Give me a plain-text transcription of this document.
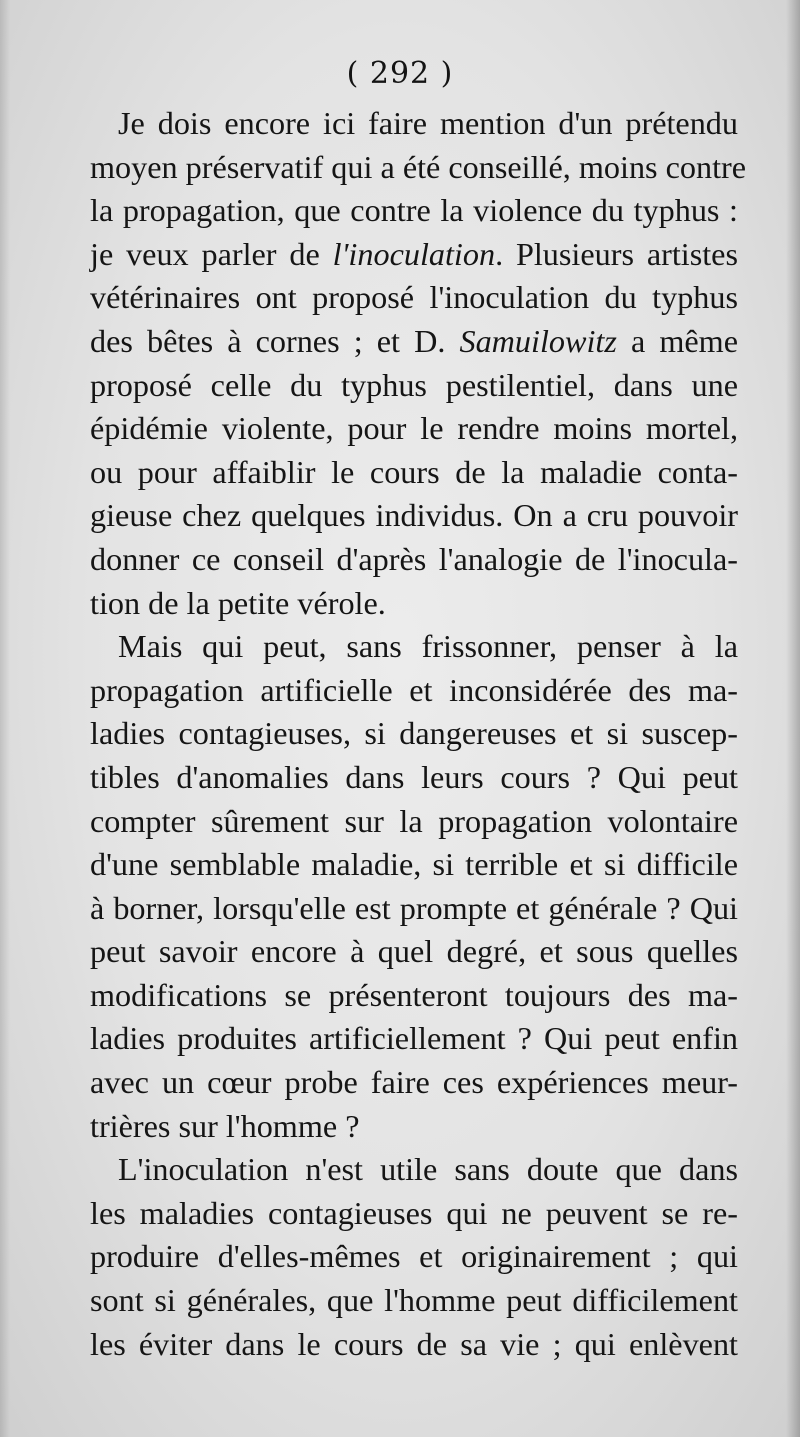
( 292 )
Je dois encore ici faire mention d'un prétendu
moyen préservatif qui a été conseillé, moins contre
la propagation, que contre la violence du typhus :
je veux parler de l'inoculation. Plusieurs artistes
vétérinaires ont proposé l'inoculation du typhus
des bêtes à cornes ; et D. Samuilowitz a même
proposé celle du typhus pestilentiel, dans une
épidémie violente, pour le rendre moins mortel,
ou pour affaiblir le cours de la maladie conta-
gieuse chez quelques individus. On a cru pouvoir
donner ce conseil d'après l'analogie de l'inocula-
tion de la petite vérole.
Mais qui peut, sans frissonner, penser à la
propagation artificielle et inconsidérée des ma-
ladies contagieuses, si dangereuses et si suscep-
tibles d'anomalies dans leurs cours ? Qui peut
compter sûrement sur la propagation volontaire
d'une semblable maladie, si terrible et si difficile
à borner, lorsqu'elle est prompte et générale ? Qui
peut savoir encore à quel degré, et sous quelles
modifications se présenteront toujours des ma-
ladies produites artificiellement ? Qui peut enfin
avec un cœur probe faire ces expériences meur-
trières sur l'homme ?
L'inoculation n'est utile sans doute que dans
les maladies contagieuses qui ne peuvent se re-
produire d'elles-mêmes et originairement ; qui
sont si générales, que l'homme peut difficilement
les éviter dans le cours de sa vie ; qui enlèvent
